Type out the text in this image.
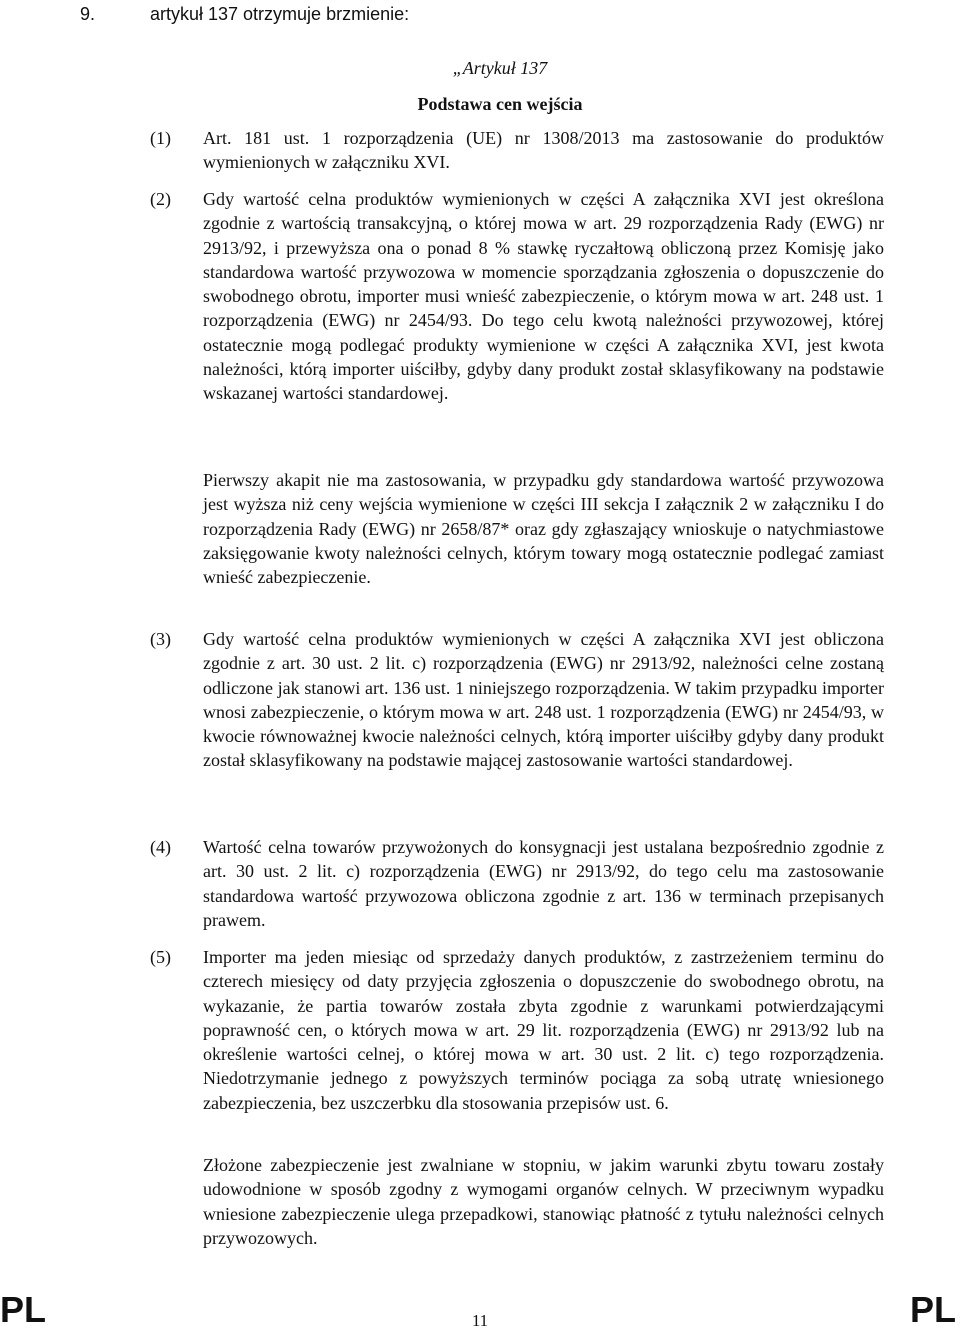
9.	artykuł 137 otrzymuje brzmienie:
„Artykuł 137
Podstawa cen wejścia
(1) Art. 181 ust. 1 rozporządzenia (UE) nr 1308/2013 ma zastosowanie do produktów wymienionych w załączniku XVI.
(2) Gdy wartość celna produktów wymienionych w części A załącznika XVI jest określona zgodnie z wartością transakcyjną, o której mowa w art. 29 rozporządzenia Rady (EWG) nr 2913/92, i przewyższa ona o ponad 8 % stawkę ryczałtową obliczoną przez Komisję jako standardowa wartość przywozowa w momencie sporządzania zgłoszenia o dopuszczenie do swobodnego obrotu, importer musi wnieść zabezpieczenie, o którym mowa w art. 248 ust. 1 rozporządzenia (EWG) nr 2454/93. Do tego celu kwotą należności przywozowej, której ostatecznie mogą podlegać produkty wymienione w części A załącznika XVI, jest kwota należności, którą importer uiściłby, gdyby dany produkt został sklasyfikowany na podstawie wskazanej wartości standardowej.
Pierwszy akapit nie ma zastosowania, w przypadku gdy standardowa wartość przywozowa jest wyższa niż ceny wejścia wymienione w części III sekcja I załącznik 2 w załączniku I do rozporządzenia Rady (EWG) nr 2658/87* oraz gdy zgłaszający wnioskuje o natychmiastowe zaksięgowanie kwoty należności celnych, którym towary mogą ostatecznie podlegać zamiast wnieść zabezpieczenie.
(3) Gdy wartość celna produktów wymienionych w części A załącznika XVI jest obliczona zgodnie z art. 30 ust. 2 lit. c) rozporządzenia (EWG) nr 2913/92, należności celne zostaną odliczone jak stanowi art. 136 ust. 1 niniejszego rozporządzenia. W takim przypadku importer wnosi zabezpieczenie, o którym mowa w art. 248 ust. 1 rozporządzenia (EWG) nr 2454/93, w kwocie równoważnej kwocie należności celnych, którą importer uiściłby gdyby dany produkt został sklasyfikowany na podstawie mającej zastosowanie wartości standardowej.
(4) Wartość celna towarów przywożonych do konsygnacji jest ustalana bezpośrednio zgodnie z art. 30 ust. 2 lit. c) rozporządzenia (EWG) nr 2913/92, do tego celu ma zastosowanie standardowa wartość przywozowa obliczona zgodnie z art. 136 w terminach przepisanych prawem.
(5) Importer ma jeden miesiąc od sprzedaży danych produktów, z zastrzeżeniem terminu do czterech miesięcy od daty przyjęcia zgłoszenia o dopuszczenie do swobodnego obrotu, na wykazanie, że partia towarów została zbyta zgodnie z warunkami potwierdzającymi poprawność cen, o których mowa w art. 29 lit. rozporządzenia (EWG) nr 2913/92 lub na określenie wartości celnej, o której mowa w art. 30 ust. 2 lit. c) tego rozporządzenia. Niedotrzymanie jednego z powyższych terminów pociąga za sobą utratę wniesionego zabezpieczenia, bez uszczerbku dla stosowania przepisów ust. 6.
Złożone zabezpieczenie jest zwalniane w stopniu, w jakim warunki zbytu towaru zostały udowodnione w sposób zgodny z wymogami organów celnych. W przeciwnym wypadku wniesione zabezpieczenie ulega przepadkowi, stanowiąc płatność z tytułu należności celnych przywozowych.
PL	11	PL
